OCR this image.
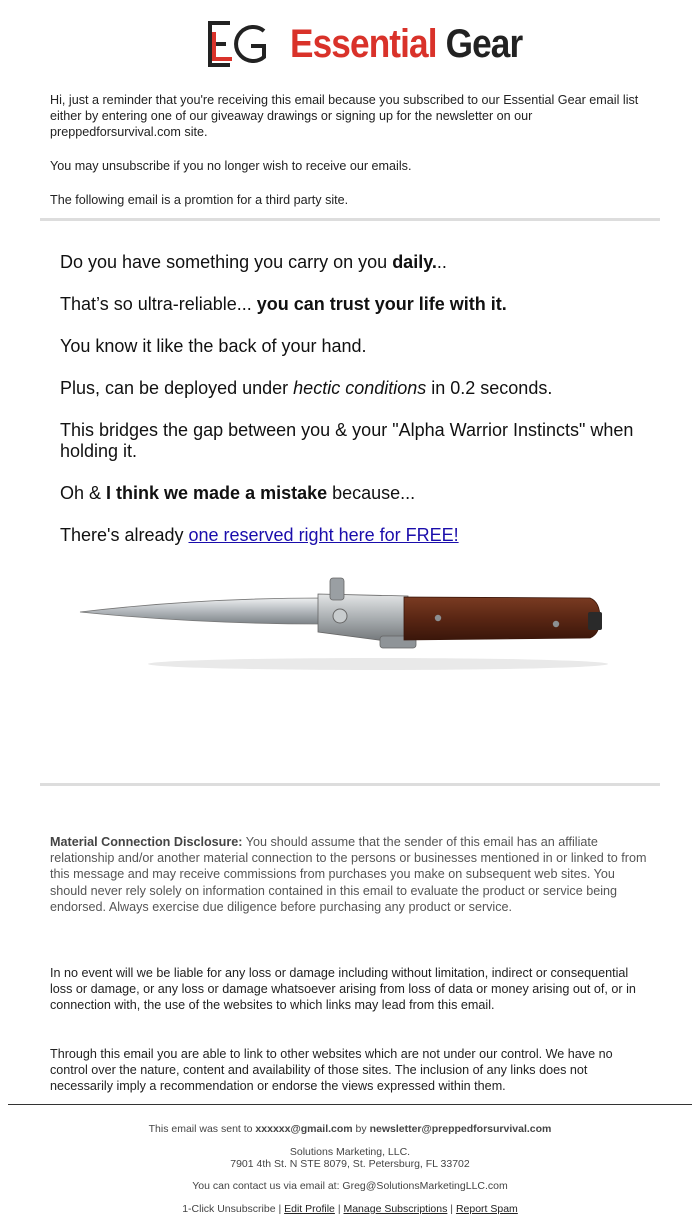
Essential Gear

Hi, just a reminder that you're receiving this email because you subscribed to our Essential Gear email list either by entering one of our giveaway drawings or signing up for the newsletter on our preppedforsurvival.com site.

You may unsubscribe if you no longer wish to receive our emails.

The following email is a promtion for a third party site.

Do you have something you carry on you daily...

That’s so ultra-reliable... you can trust your life with it.

You know it like the back of your hand.

Plus, can be deployed under hectic conditions in 0.2 seconds.

This bridges the gap between you & your "Alpha Warrior Instincts" when holding it.

Oh & I think we made a mistake because...

There's already one reserved right here for FREE!

Material Connection Disclosure: You should assume that the sender of this email has an affiliate relationship and/or another material connection to the persons or businesses mentioned in or linked to from this message and may receive commissions from purchases you make on subsequent web sites. You should never rely solely on information contained in this email to evaluate the product or service being endorsed. Always exercise due diligence before purchasing any product or service.
In no event will we be liable for any loss or damage including without limitation, indirect or consequential loss or damage, or any loss or damage whatsoever arising from loss of data or money arising out of, or in connection with, the use of the websites to which links may lead from this email.
Through this email you are able to link to other websites which are not under our control. We have no control over the nature, content and availability of those sites. The inclusion of any links does not necessarily imply a recommendation or endorse the views expressed within them.
This email was sent to xxxxxx@gmail.com by newsletter@preppedforsurvival.com
Solutions Marketing, LLC.
7901 4th St. N STE 8079, St. Petersburg, FL 33702
You can contact us via email at: Greg@SolutionsMarketingLLC.com
1-Click Unsubscribe | Edit Profile | Manage Subscriptions | Report Spam
